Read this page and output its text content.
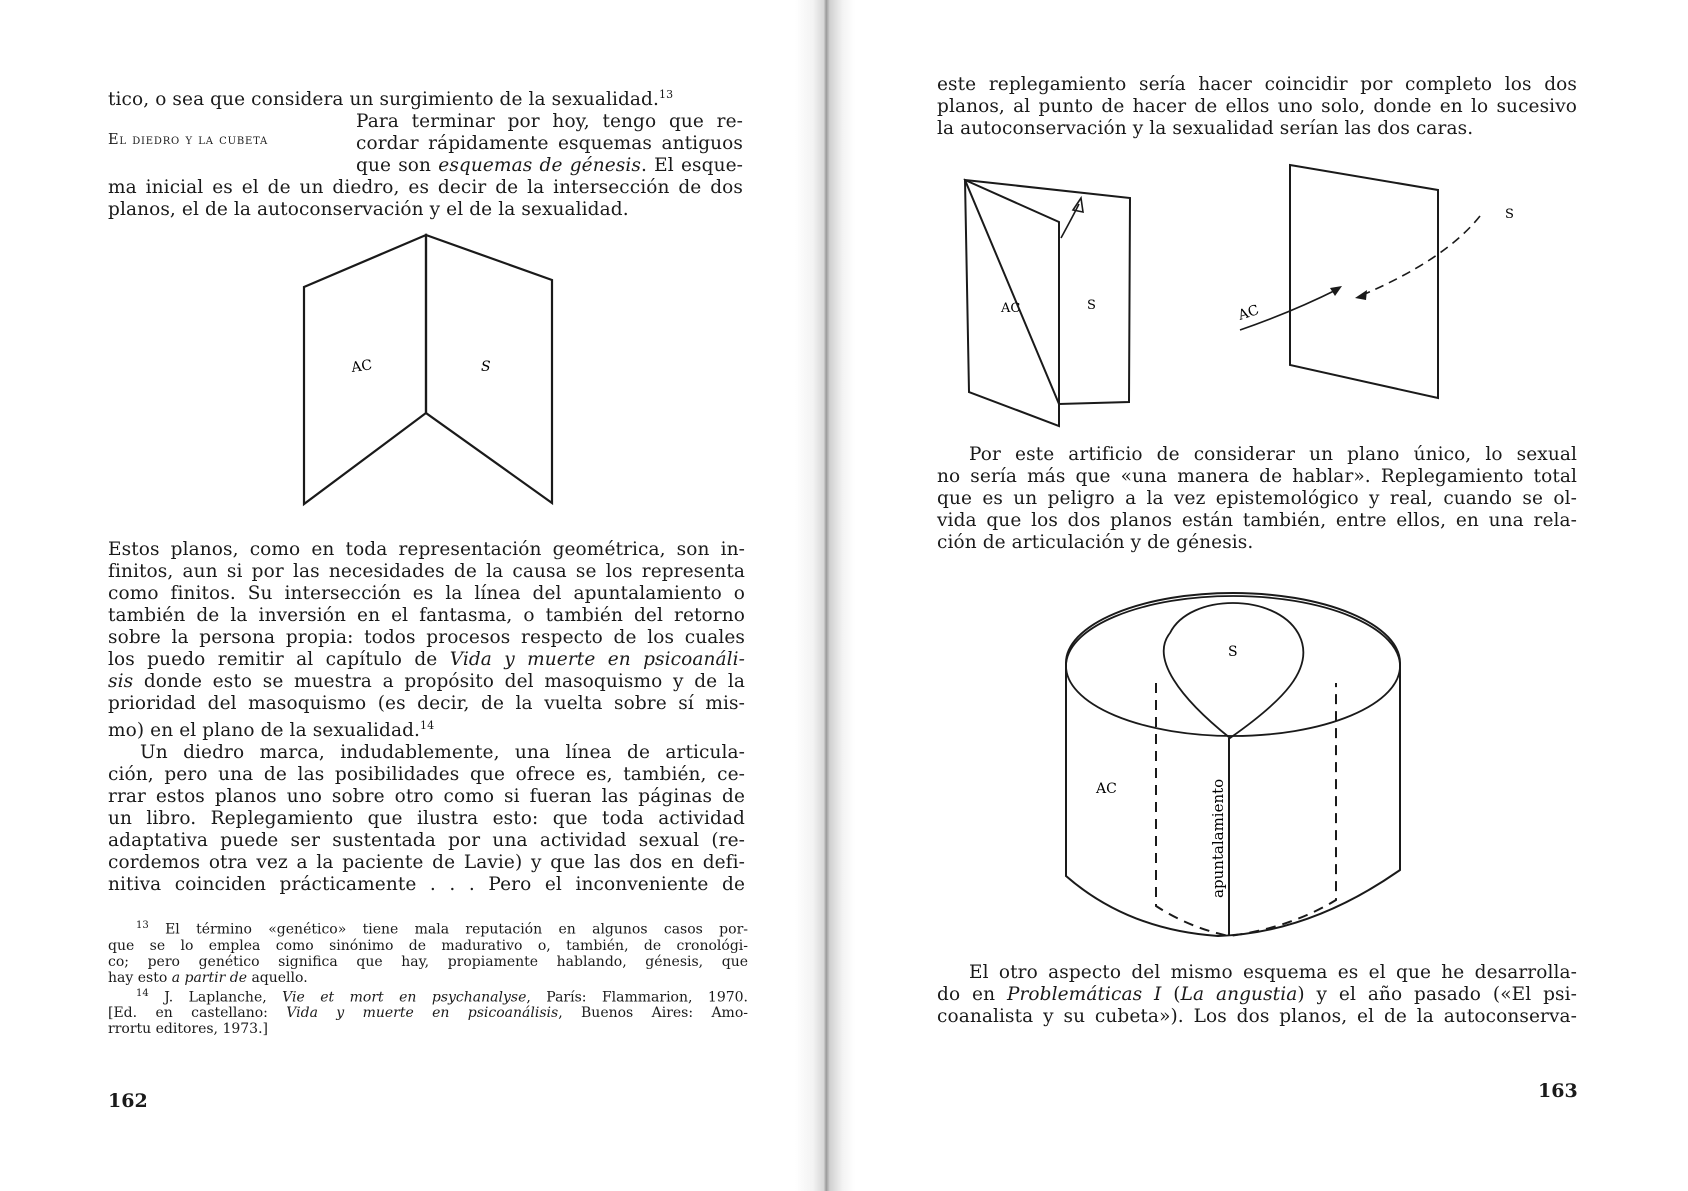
tico, o sea que considera un surgimiento de la sexualidad.$^{13}$
Para terminar por hoy, tengo que re-
cordar rápidamente esquemas antiguos
que son esquemas de génesis. El esque-
ma inicial es el de un diedro, es decir de la intersección de dos
planos, el de la autoconservación y el de la sexualidad.
El diedro y la cubeta
AC	S
Estos planos, como en toda representación geométrica, son in-
finitos, aun si por las necesidades de la causa se los representa
como finitos. Su intersección es la línea del apuntalamiento o
también de la inversión en el fantasma, o también del retorno
sobre la persona propia: todos procesos respecto de los cuales
los puedo remitir al capítulo de Vida y muerte en psicoanáli-
sis donde esto se muestra a propósito del masoquismo y de la
prioridad del masoquismo (es decir, de la vuelta sobre sí mis-
mo) en el plano de la sexualidad.$^{14}$
Un diedro marca, indudablemente, una línea de articula-
ción, pero una de las posibilidades que ofrece es, también, ce-
rrar estos planos uno sobre otro como si fueran las páginas de
un libro. Replegamiento que ilustra esto: que toda actividad
adaptativa puede ser sustentada por una actividad sexual (re-
cordemos otra vez a la paciente de Lavie) y que las dos en defi-
nitiva coinciden prácticamente . . . Pero el inconveniente de
$^{13}$ El término «genético» tiene mala reputación en algunos casos por-
que se lo emplea como sinónimo de madurativo o, también, de cronológi-
co; pero genético significa que hay, propiamente hablando, génesis, que
hay esto a partir de aquello.
$^{14}$ J. Laplanche, Vie et mort en psychanalyse, París: Flammarion, 1970.
[Ed. en castellano: Vida y muerte en psicoanálisis, Buenos Aires: Amo-
rrortu editores, 1973.]
162
este replegamiento sería hacer coincidir por completo los dos
planos, al punto de hacer de ellos uno solo, donde en lo sucesivo
la autoconservación y la sexualidad serían las dos caras.
AC	S	AC
S
Por este artificio de considerar un plano único, lo sexual
no sería más que «una manera de hablar». Replegamiento total
que es un peligro a la vez epistemológico y real, cuando se ol-
vida que los dos planos están también, entre ellos, en una rela-
ción de articulación y de génesis.
S
AC	apuntalamiento
El otro aspecto del mismo esquema es el que he desarrolla-
do en Problemáticas I (La angustia) y el año pasado («El psi-
coanalista y su cubeta»). Los dos planos, el de la autoconserva-
163
